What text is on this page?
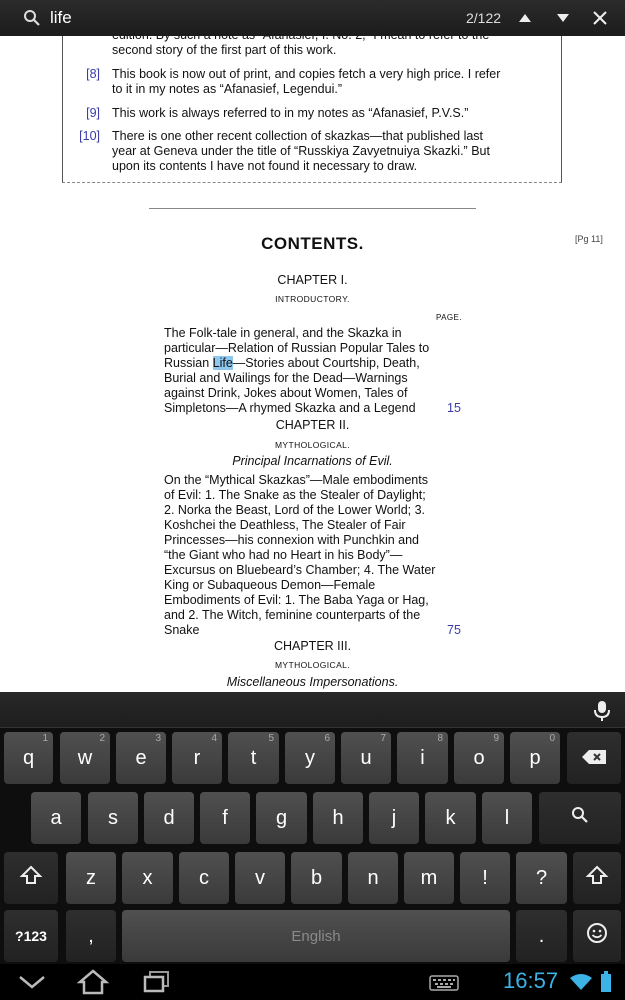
life	2/122
second story of the first part of this work.
[8] This book is now out of print, and copies fetch a very high price. I refer
to it in my notes as “Afanasief, Legendui.”
[9] This work is always referred to in my notes as “Afanasief, P.V.S.”
[10] There is one other recent collection of skazkas—that published last
year at Geneva under the title of “Russkiya Zavyetnuiya Skazki.” But
upon its contents I have not found it necessary to draw.
CONTENTS.	[Pg 11]
CHAPTER I.
INTRODUCTORY.
PAGE.
The Folk-tale in general, and the Skazka in
particular—Relation of Russian Popular Tales to
Russian Life—Stories about Courtship, Death,
Burial and Wailings for the Dead—Warnings
against Drink, Jokes about Women, Tales of
Simpletons—A rhymed Skazka and a Legend	15
CHAPTER II.
MYTHOLOGICAL.
Principal Incarnations of Evil.
On the “Mythical Skazkas”—Male embodiments
of Evil: 1. The Snake as the Stealer of Daylight;
2. Norka the Beast, Lord of the Lower World; 3.
Koshchei the Deathless, The Stealer of Fair
Princesses—his connexion with Punchkin and
“the Giant who had no Heart in his Body”—
Excursus on Bluebeard’s Chamber; 4. The Water
King or Subaqueous Demon—Female
Embodiments of Evil: 1. The Baba Yaga or Hag,
and 2. The Witch, feminine counterparts of the
Snake	75
CHAPTER III.
MYTHOLOGICAL.
Miscellaneous Impersonations.
1
q
2
w
3
e
4
r
5
t
6
y
7
u
8
i
9
o
0
p
a s d f g h j k l
z x c v b n m ! ?
?123 ,	English	.
16:57
